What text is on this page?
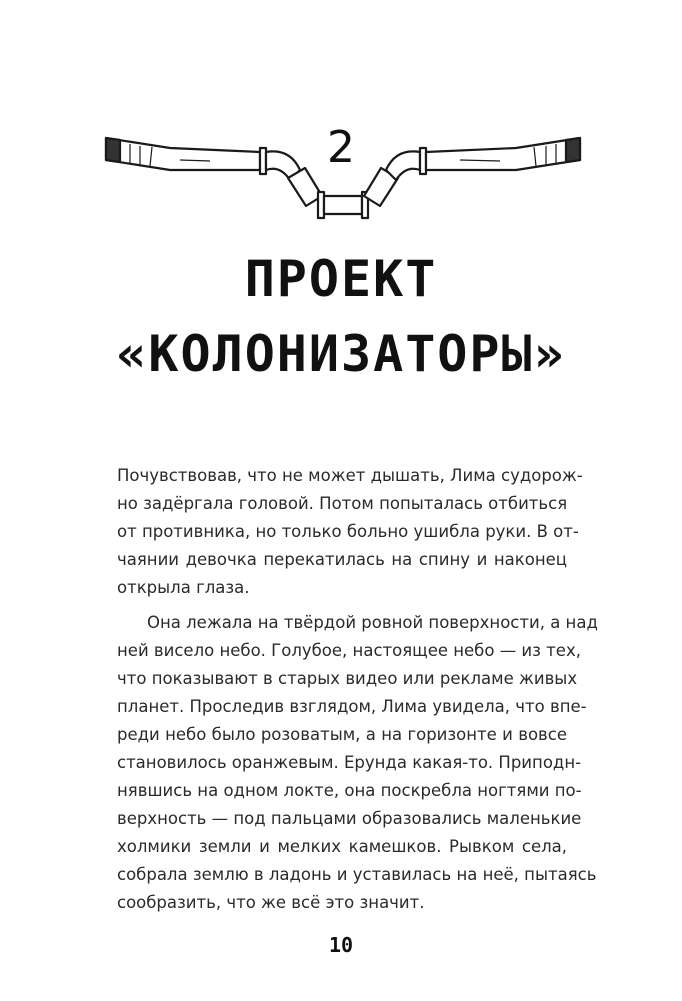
2
ПРОЕКТ
«КОЛОНИЗАТОРЫ»
Почувствовав, что не может дышать, Лима судорож-
но задёргала головой. Потом попыталась отбиться
от противника, но только больно ушибла руки. В от-
чаянии девочка перекатилась на спину и наконец
открыла глаза.
Она лежала на твёрдой ровной поверхности, а над
ней висело небо. Голубое, настоящее небо — из тех,
что показывают в старых видео или рекламе живых
планет. Проследив взглядом, Лима увидела, что впе-
реди небо было розоватым, а на горизонте и вовсе
становилось оранжевым. Ерунда какая-то. Приподн-
нявшись на одном локте, она поскребла ногтями по-
верхность — под пальцами образовались маленькие
холмики земли и мелких камешков. Рывком села,
собрала землю в ладонь и уставилась на неё, пытаясь
сообразить, что же всё это значит.
10
